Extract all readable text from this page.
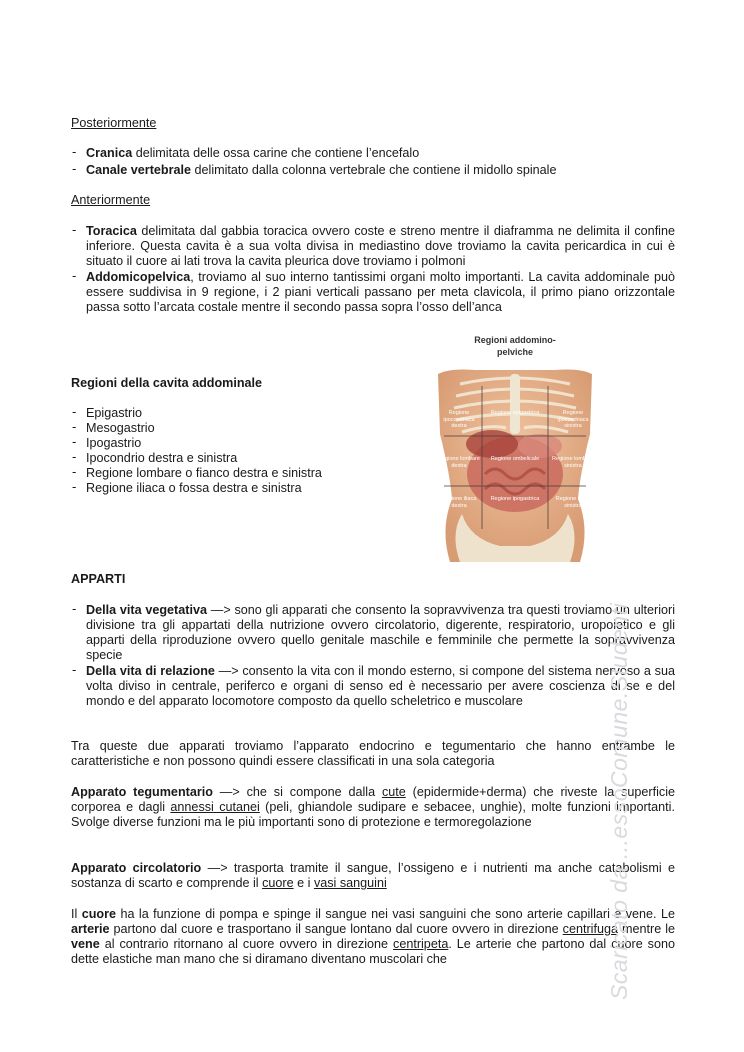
Posteriormente
‐ Cranica delimitata delle ossa carine che contiene l’encefalo
‐ Canale vertebrale delimitato dalla colonna vertebrale che contiene il midollo spinale
Anteriormente
‐ Toracica delimitata dal gabbia toracica ovvero coste e streno mentre il diaframma ne delimita il confine inferiore. Questa cavita è a sua volta divisa in mediastino dove troviamo la cavita pericardica in cui è situato il cuore ai lati trova la cavita pleurica dove troviamo i polmoni
‐ Addomicopelvica, troviamo al suo interno tantissimi organi molto importanti. La cavita addominale può essere suddivisa in 9 regione, i 2 piani verticali passano per meta clavicola, il primo piano orizzontale passa sotto l’arcata costale mentre il secondo passa sopra l’osso dell’anca
Regioni della cavita addominale
- Epigastrio
- Mesogastrio
- Ipogastrio
- Ipocondrio destra e sinistra
- Regione lombare o fianco destra e sinistra
- Regione iliaca o fossa destra e sinistra
Regioni addomino-
pelviche
Regione ipocondriaca destra
Regione epigastrica	Regione ipocondriaca sinistra
Regione lombare destra
Regione ombelicale	Regione lombare sinistra
Regione iliaca destra
Regione ipogastrica	Regione iliaca sinistra
APPARTI
‐ Della vita vegetativa —> sono gli apparati che consento la sopravvivenza tra questi troviamo un ulteriori divisione tra gli appartati della nutrizione ovvero circolatorio, digerente, respiratorio, uropoietico e gli apparti della riproduzione ovvero quello genitale maschile e femminile che permette la sopravvivenza specie
‐ Della vita di relazione —> consento la vita con il mondo esterno, si compone del sistema nervoso a sua volta diviso in centrale, periferco e organi di senso ed è necessario per avere coscienza di se e del mondo e del apparato locomotore composto da quello scheletrico e muscolare
Tra queste due apparati troviamo l’apparato endocrino e tegumentario che hanno entrambe le caratteristiche e non possono quindi essere classificati in una sola categoria
Apparato tegumentario —> che si compone dalla cute (epidermide+derma) che riveste la superficie corporea e dagli annessi cutanei (peli, ghiandole sudipare e sebacee, unghie), molte funzioni importanti. Svolge diverse funzioni ma le più importanti sono di protezione e termoregolazione
Apparato circolatorio —> trasporta tramite il sangue, l’ossigeno e i nutrienti ma anche catabolismi e sostanza di scarto e comprende il cuore e i vasi sanguini
Il cuore ha la funzione di pompa e spinge il sangue nei vasi sanguini che sono arterie capillari e vene. Le arterie partono dal cuore e trasportano il sangue lontano dal cuore ovvero in direzione centrifuga mentre le vene al contrario ritornano al cuore ovvero in direzione centripeta. Le arterie che partono dal cuore sono dette elastiche man mano che si diramano diventano muscolari che	Scaricato da ...essoComune.Studenti
